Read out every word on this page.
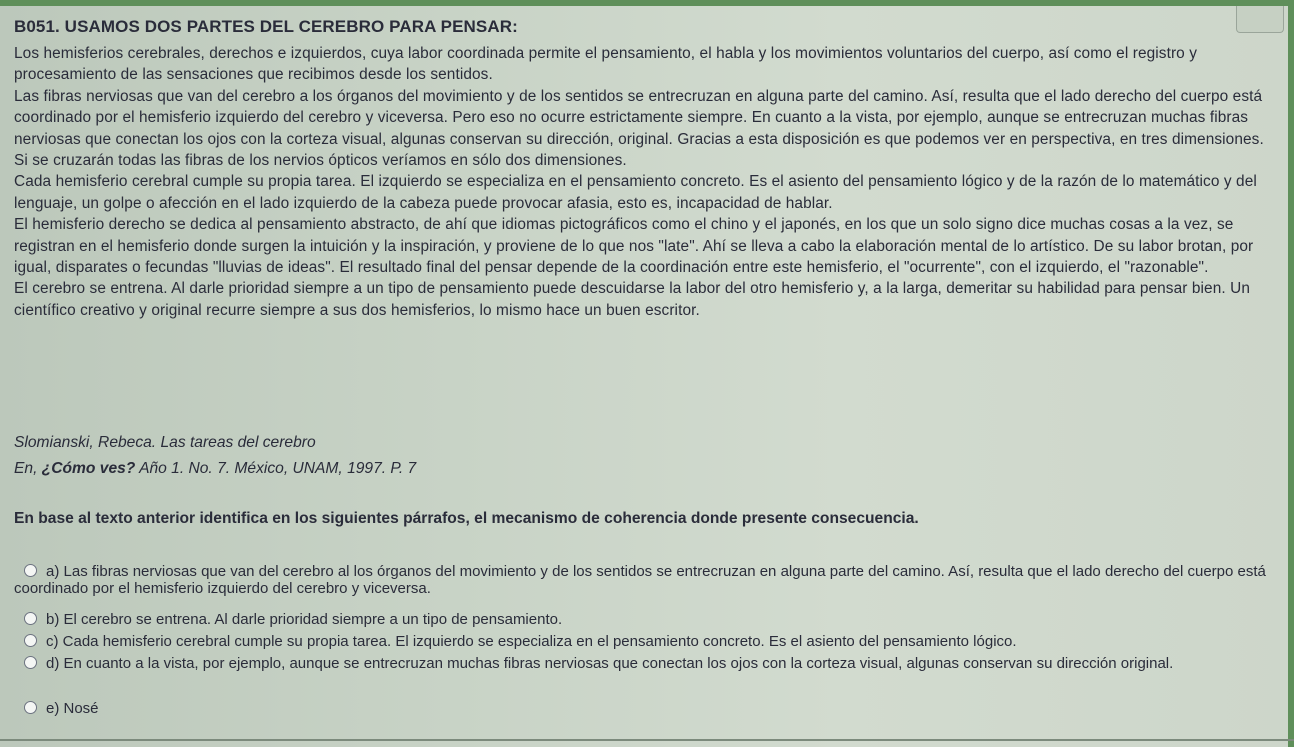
B051. USAMOS DOS PARTES DEL CEREBRO PARA PENSAR:

Los hemisferios cerebrales, derechos e izquierdos, cuya labor coordinada permite el pensamiento, el habla y los movimientos voluntarios del cuerpo, así como el registro y procesamiento de las sensaciones que recibimos desde los sentidos.

Las fibras nerviosas que van del cerebro a los órganos del movimiento y de los sentidos se entrecruzan en alguna parte del camino. Así, resulta que el lado derecho del cuerpo está coordinado por el hemisferio izquierdo del cerebro y viceversa. Pero eso no ocurre estrictamente siempre. En cuanto a la vista, por ejemplo, aunque se entrecruzan muchas fibras nerviosas que conectan los ojos con la corteza visual, algunas conservan su dirección, original. Gracias a esta disposición es que podemos ver en perspectiva, en tres dimensiones. Si se cruzarán todas las fibras de los nervios ópticos veríamos en sólo dos dimensiones.

Cada hemisferio cerebral cumple su propia tarea. El izquierdo se especializa en el pensamiento concreto. Es el asiento del pensamiento lógico y de la razón de lo matemático y del lenguaje, un golpe o afección en el lado izquierdo de la cabeza puede provocar afasia, esto es, incapacidad de hablar.

El hemisferio derecho se dedica al pensamiento abstracto, de ahí que idiomas pictográficos como el chino y el japonés, en los que un solo signo dice muchas cosas a la vez, se registran en el hemisferio donde surgen la intuición y la inspiración, y proviene de lo que nos "late". Ahí se lleva a cabo la elaboración mental de lo artístico. De su labor brotan, por igual, disparates o fecundas "lluvias de ideas". El resultado final del pensar depende de la coordinación entre este hemisferio, el "ocurrente", con el izquierdo, el "razonable".

El cerebro se entrena. Al darle prioridad siempre a un tipo de pensamiento puede descuidarse la labor del otro hemisferio y, a la larga, demeritar su habilidad para pensar bien. Un científico creativo y original recurre siempre a sus dos hemisferios, lo mismo hace un buen escritor.

Slomianski, Rebeca. Las tareas del cerebro
En, ¿Cómo ves? Año 1. No. 7. México, UNAM, 1997. P. 7

En base al texto anterior identifica en los siguientes párrafos, el mecanismo de coherencia donde presente consecuencia.

a) Las fibras nerviosas que van del cerebro al los órganos del movimiento y de los sentidos se entrecruzan en alguna parte del camino. Así, resulta que el lado derecho del cuerpo está coordinado por el hemisferio izquierdo del cerebro y viceversa.
b) El cerebro se entrena. Al darle prioridad siempre a un tipo de pensamiento.
c) Cada hemisferio cerebral cumple su propia tarea. El izquierdo se especializa en el pensamiento concreto. Es el asiento del pensamiento lógico.
d) En cuanto a la vista, por ejemplo, aunque se entrecruzan muchas fibras nerviosas que conectan los ojos con la corteza visual, algunas conservan su dirección original.
e) Nosé
